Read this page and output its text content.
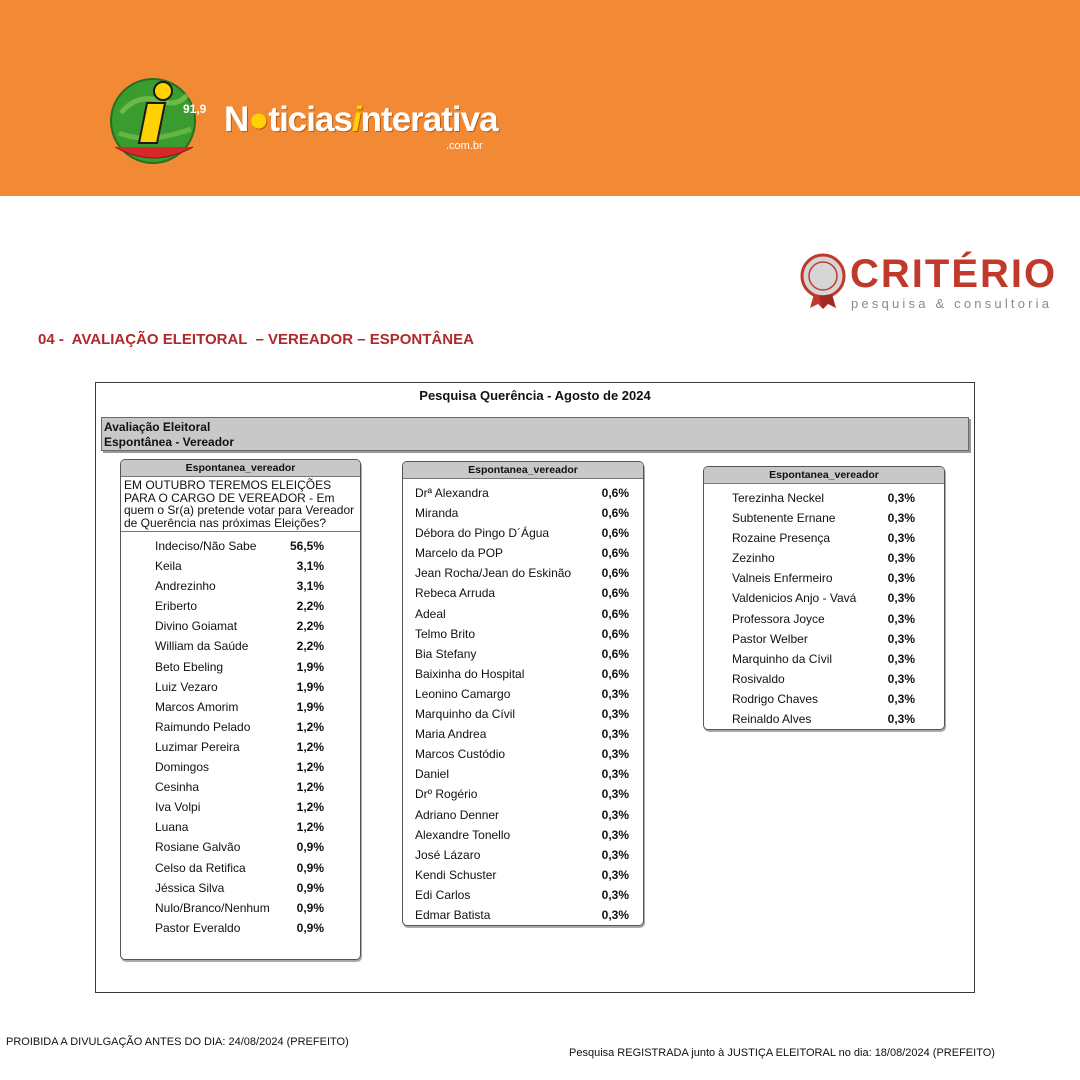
91,9 N●ticiasinterativa
.com.br
CRITÉRIO
pesquisa & consultoria
04 -  AVALIAÇÃO ELEITORAL  – VEREADOR – ESPONTÂNEA
Pesquisa Querência - Agosto de 2024
Avaliação Eleitoral
Espontânea - Vereador
Espontanea_vereador
EM OUTUBRO TEREMOS ELEIÇÕES PARA O CARGO DE VEREADOR - Em quem o Sr(a) pretende votar para Vereador de Querência nas próximas Eleições?
Indeciso/Não Sabe	56,5%
Keila	3,1%
Andrezinho	3,1%
Eriberto	2,2%
Divino Goiamat	2,2%
William da Saúde	2,2%
Beto Ebeling	1,9%
Luiz Vezaro	1,9%
Marcos Amorim	1,9%
Raimundo Pelado	1,2%
Luzimar Pereira	1,2%
Domingos	1,2%
Cesinha	1,2%
Iva Volpi	1,2%
Luana	1,2%
Rosiane Galvão	0,9%
Celso da Retifica	0,9%
Jéssica Silva	0,9%
Nulo/Branco/Nenhum 0,9%
Pastor Everaldo	0,9%
Espontanea_vereador
Drª Alexandra	0,6%
Miranda	0,6%
Débora do Pingo D´Água	0,6%
Marcelo da POP	0,6%
Jean Rocha/Jean do Eskinão	0,6%
Rebeca Arruda	0,6%
Adeal	0,6%
Telmo Brito	0,6%
Bia Stefany	0,6%
Baixinha do Hospital	0,6%
Leonino Camargo	0,3%
Marquinho da Cívil	0,3%
Maria Andrea	0,3%
Marcos Custódio	0,3%
Daniel	0,3%
Drº Rogério	0,3%
Adriano Denner	0,3%
Alexandre Tonello	0,3%
José Lázaro	0,3%
Kendi Schuster	0,3%
Edi Carlos	0,3%
Edmar Batista	0,3%
Espontanea_vereador
Terezinha Neckel	0,3%
Subtenente Ernane	0,3%
Rozaine Presença	0,3%
Zezinho	0,3%
Valneis Enfermeiro	0,3%
Valdenicios Anjo - Vavá	0,3%
Professora Joyce	0,3%
Pastor Welber	0,3%
Marquinho da Cívil	0,3%
Rosivaldo	0,3%
Rodrigo Chaves	0,3%
Reinaldo Alves	0,3%
PROIBIDA A DIVULGAÇÃO ANTES DO DIA: 24/08/2024 (PREFEITO)
Pesquisa REGISTRADA junto à JUSTIÇA ELEITORAL no dia: 18/08/2024 (PREFEITO)
